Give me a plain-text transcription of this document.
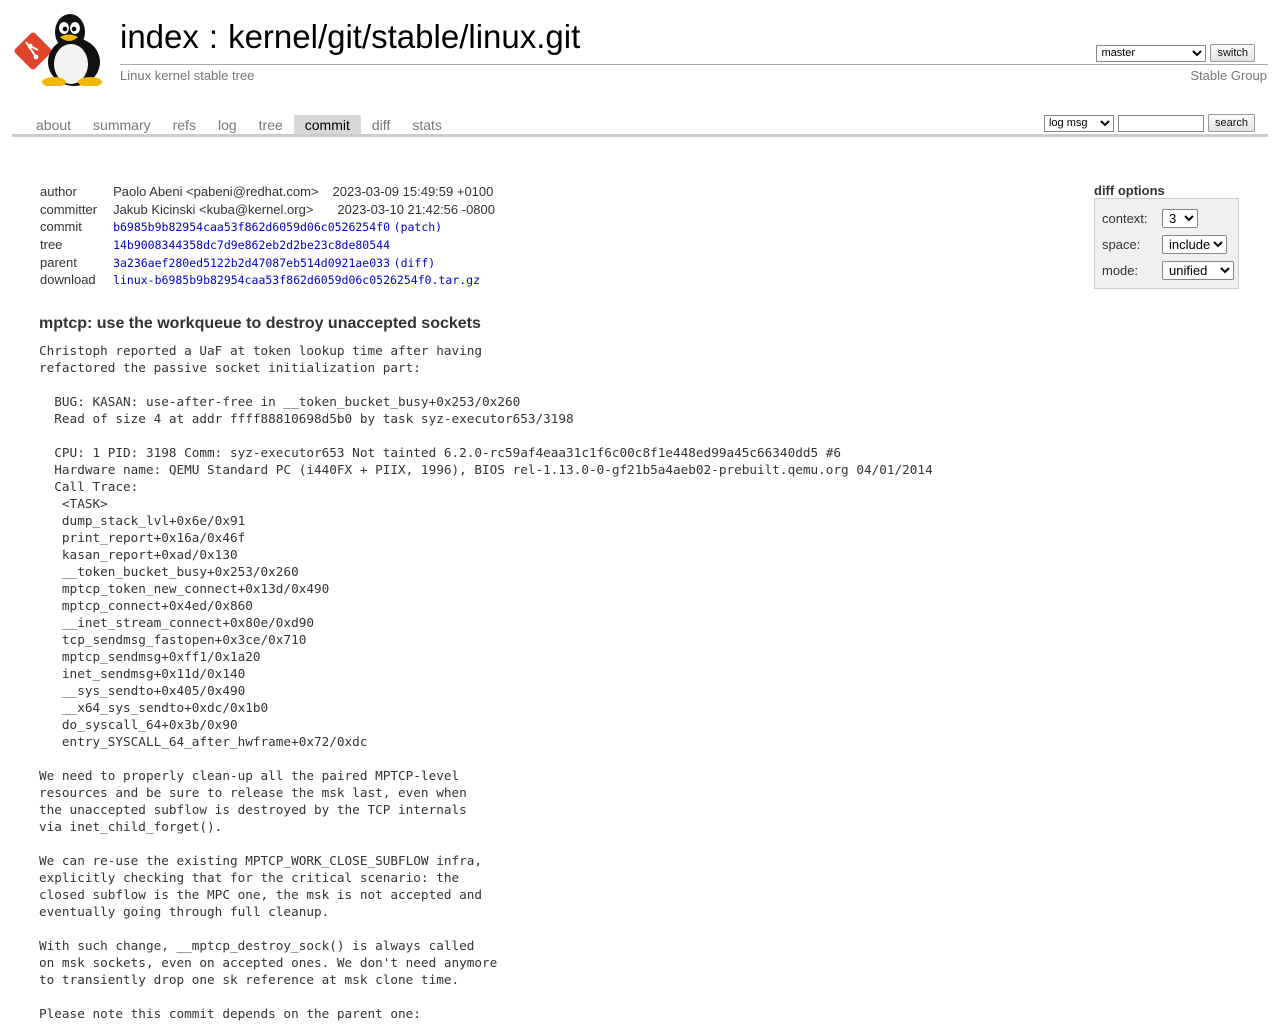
index : kernel/git/stable/linux.git
Linux kernel stable tree	Stable Group
master
switch
about	summary	refs	log	tree	commit	diff	stats
log msg	search
author	Paolo Abeni <pabeni@redhat.com> 2023-03-09 15:49:59 +0100
committer	Jakub Kicinski <kuba@kernel.org> 2023-03-10 21:42:56 -0800
commit	b6985b9b82954caa53f862d6059d06c0526254f0 (patch)
tree	14b9008344358dc7d9e862eb2d2be23c8de80544
parent	3a236aef280ed5122b2d47087eb514d0921ae033 (diff)
download	linux-b6985b9b82954caa53f862d6059d06c0526254f0.tar.gz
diff options
context:
3
space:
include
mode:
unified
mptcp: use the workqueue to destroy unaccepted sockets
Christoph reported a UaF at token lookup time after having
refactored the passive socket initialization part:

BUG: KASAN: use-after-free in __token_bucket_busy+0x253/0x260
Read of size 4 at addr ffff88810698d5b0 by task syz-executor653/3198

CPU: 1 PID: 3198 Comm: syz-executor653 Not tainted 6.2.0-rc59af4eaa31c1f6c00c8f1e448ed99a45c66340dd5 #6
Hardware name: QEMU Standard PC (i440FX + PIIX, 1996), BIOS rel-1.13.0-0-gf21b5a4aeb02-prebuilt.qemu.org 04/01/2014
Call Trace:
<TASK>
dump_stack_lvl+0x6e/0x91
print_report+0x16a/0x46f
kasan_report+0xad/0x130
__token_bucket_busy+0x253/0x260
mptcp_token_new_connect+0x13d/0x490
mptcp_connect+0x4ed/0x860
__inet_stream_connect+0x80e/0xd90
tcp_sendmsg_fastopen+0x3ce/0x710
mptcp_sendmsg+0xff1/0x1a20
inet_sendmsg+0x11d/0x140
__sys_sendto+0x405/0x490
__x64_sys_sendto+0xdc/0x1b0
do_syscall_64+0x3b/0x90
entry_SYSCALL_64_after_hwframe+0x72/0xdc

We need to properly clean-up all the paired MPTCP-level
resources and be sure to release the msk last, even when
the unaccepted subflow is destroyed by the TCP internals
via inet_child_forget().

We can re-use the existing MPTCP_WORK_CLOSE_SUBFLOW infra,
explicitly checking that for the critical scenario: the
closed subflow is the MPC one, the msk is not accepted and
eventually going through full cleanup.

With such change, __mptcp_destroy_sock() is always called
on msk sockets, even on accepted ones. We don't need anymore
to transiently drop one sk reference at msk clone time.

Please note this commit depends on the parent one:
